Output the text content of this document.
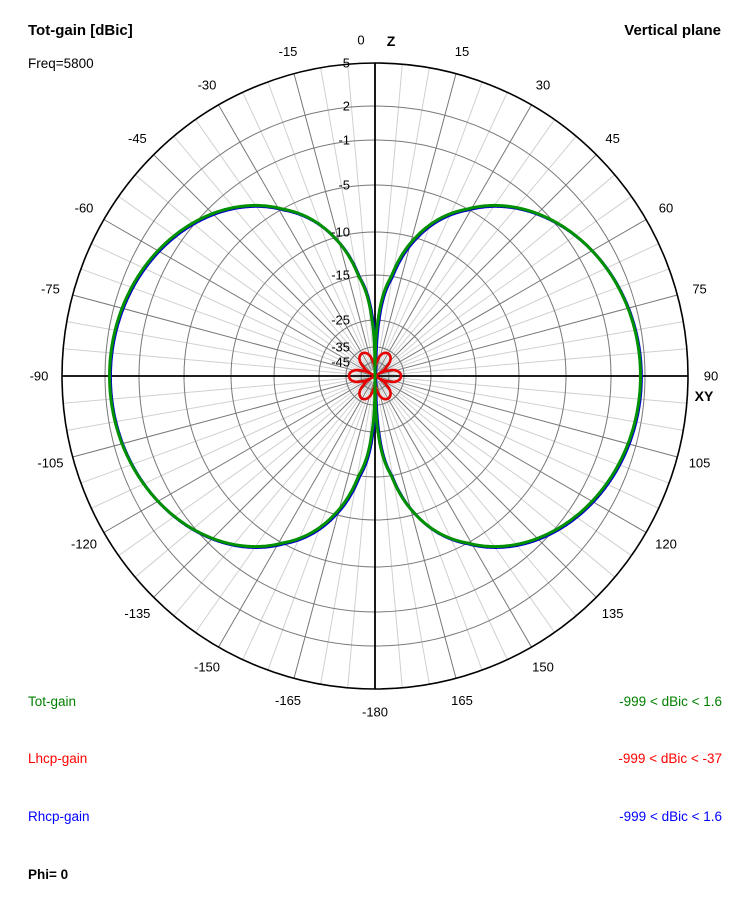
-180
-165
-150
-135
-120
-105
-90
-75
-60
-45
-30
-15
0
15
30
45
60
75
90
105
120
135
150
165
Z
XY
5
2
-1
-5
-10
-15
-25
-35
-45
Tot-gain [dBic]
Freq=5800
Vertical plane

Tot-gain

Lhcp-gain

Rhcp-gain

Phi= 0

-999 < dBic < 1.6

-999 < dBic < -37

-999 < dBic < 1.6
